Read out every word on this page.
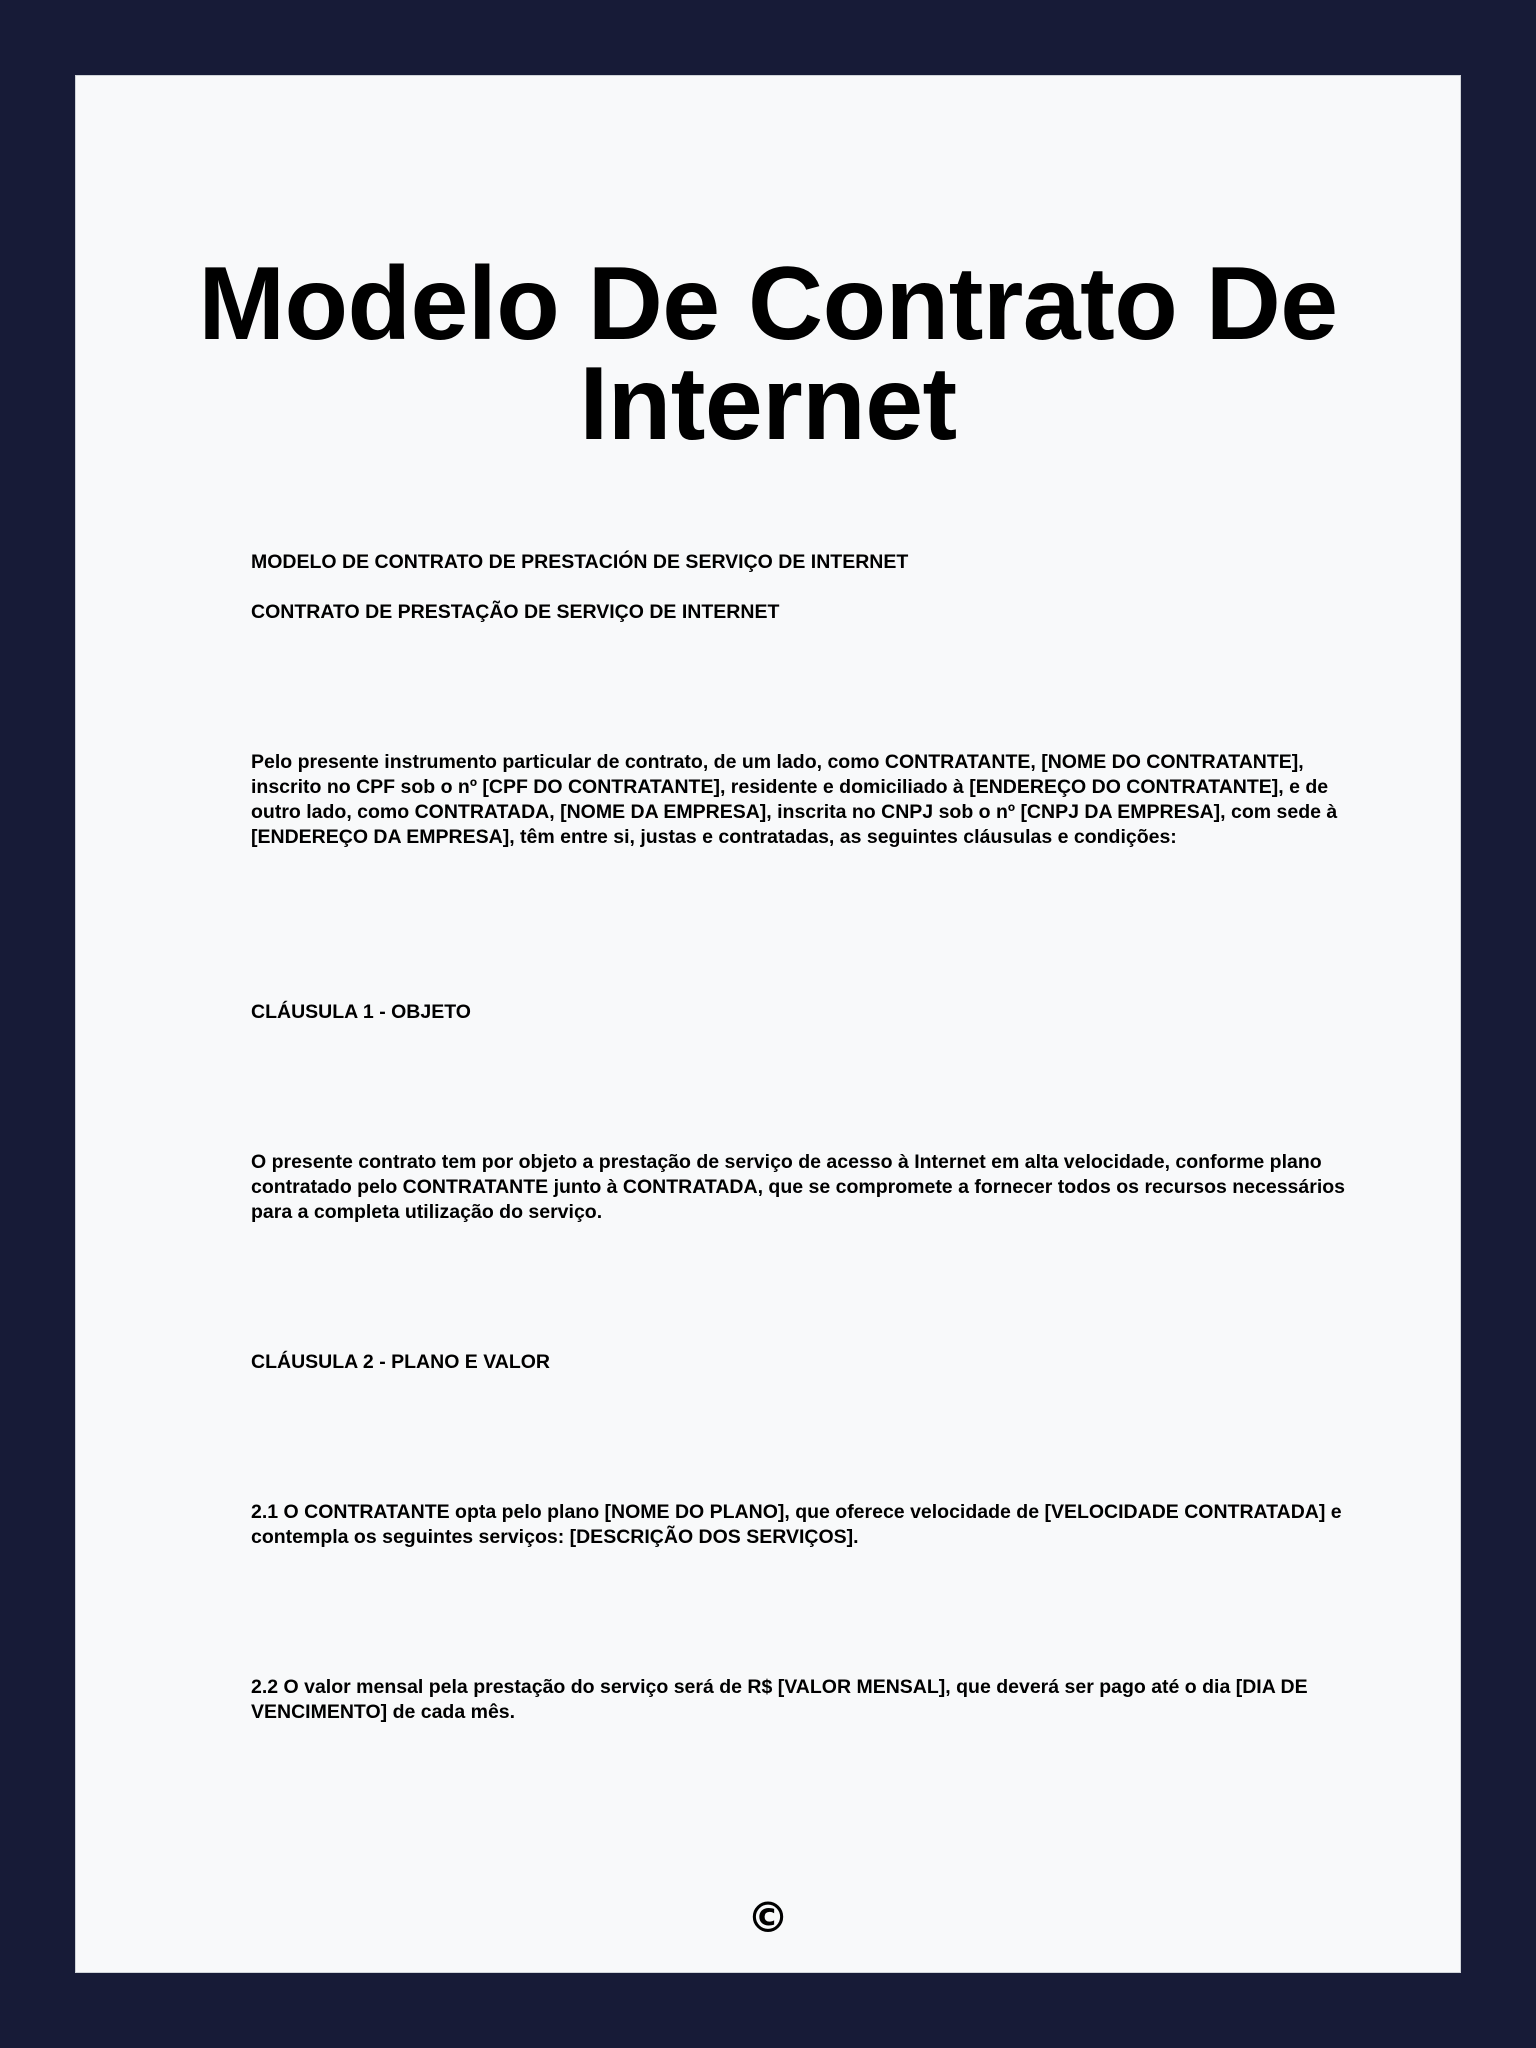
Modelo De Contrato De Internet

MODELO DE CONTRATO DE PRESTACIÓN DE SERVIÇO DE INTERNET

CONTRATO DE PRESTAÇÃO DE SERVIÇO DE INTERNET

Pelo presente instrumento particular de contrato, de um lado, como CONTRATANTE, [NOME DO CONTRATANTE], inscrito no CPF sob o nº [CPF DO CONTRATANTE], residente e domiciliado à [ENDEREÇO DO CONTRATANTE], e de outro lado, como CONTRATADA, [NOME DA EMPRESA], inscrita no CNPJ sob o nº [CNPJ DA EMPRESA], com sede à [ENDEREÇO DA EMPRESA], têm entre si, justas e contratadas, as seguintes cláusulas e condições:

CLÁUSULA 1 - OBJETO

O presente contrato tem por objeto a prestação de serviço de acesso à Internet em alta velocidade, conforme plano contratado pelo CONTRATANTE junto à CONTRATADA, que se compromete a fornecer todos os recursos necessários para a completa utilização do serviço.

CLÁUSULA 2 - PLANO E VALOR

2.1 O CONTRATANTE opta pelo plano [NOME DO PLANO], que oferece velocidade de [VELOCIDADE CONTRATADA] e contempla os seguintes serviços: [DESCRIÇÃO DOS SERVIÇOS].

2.2 O valor mensal pela prestação do serviço será de R$ [VALOR MENSAL], que deverá ser pago até o dia [DIA DE VENCIMENTO] de cada mês.

©
